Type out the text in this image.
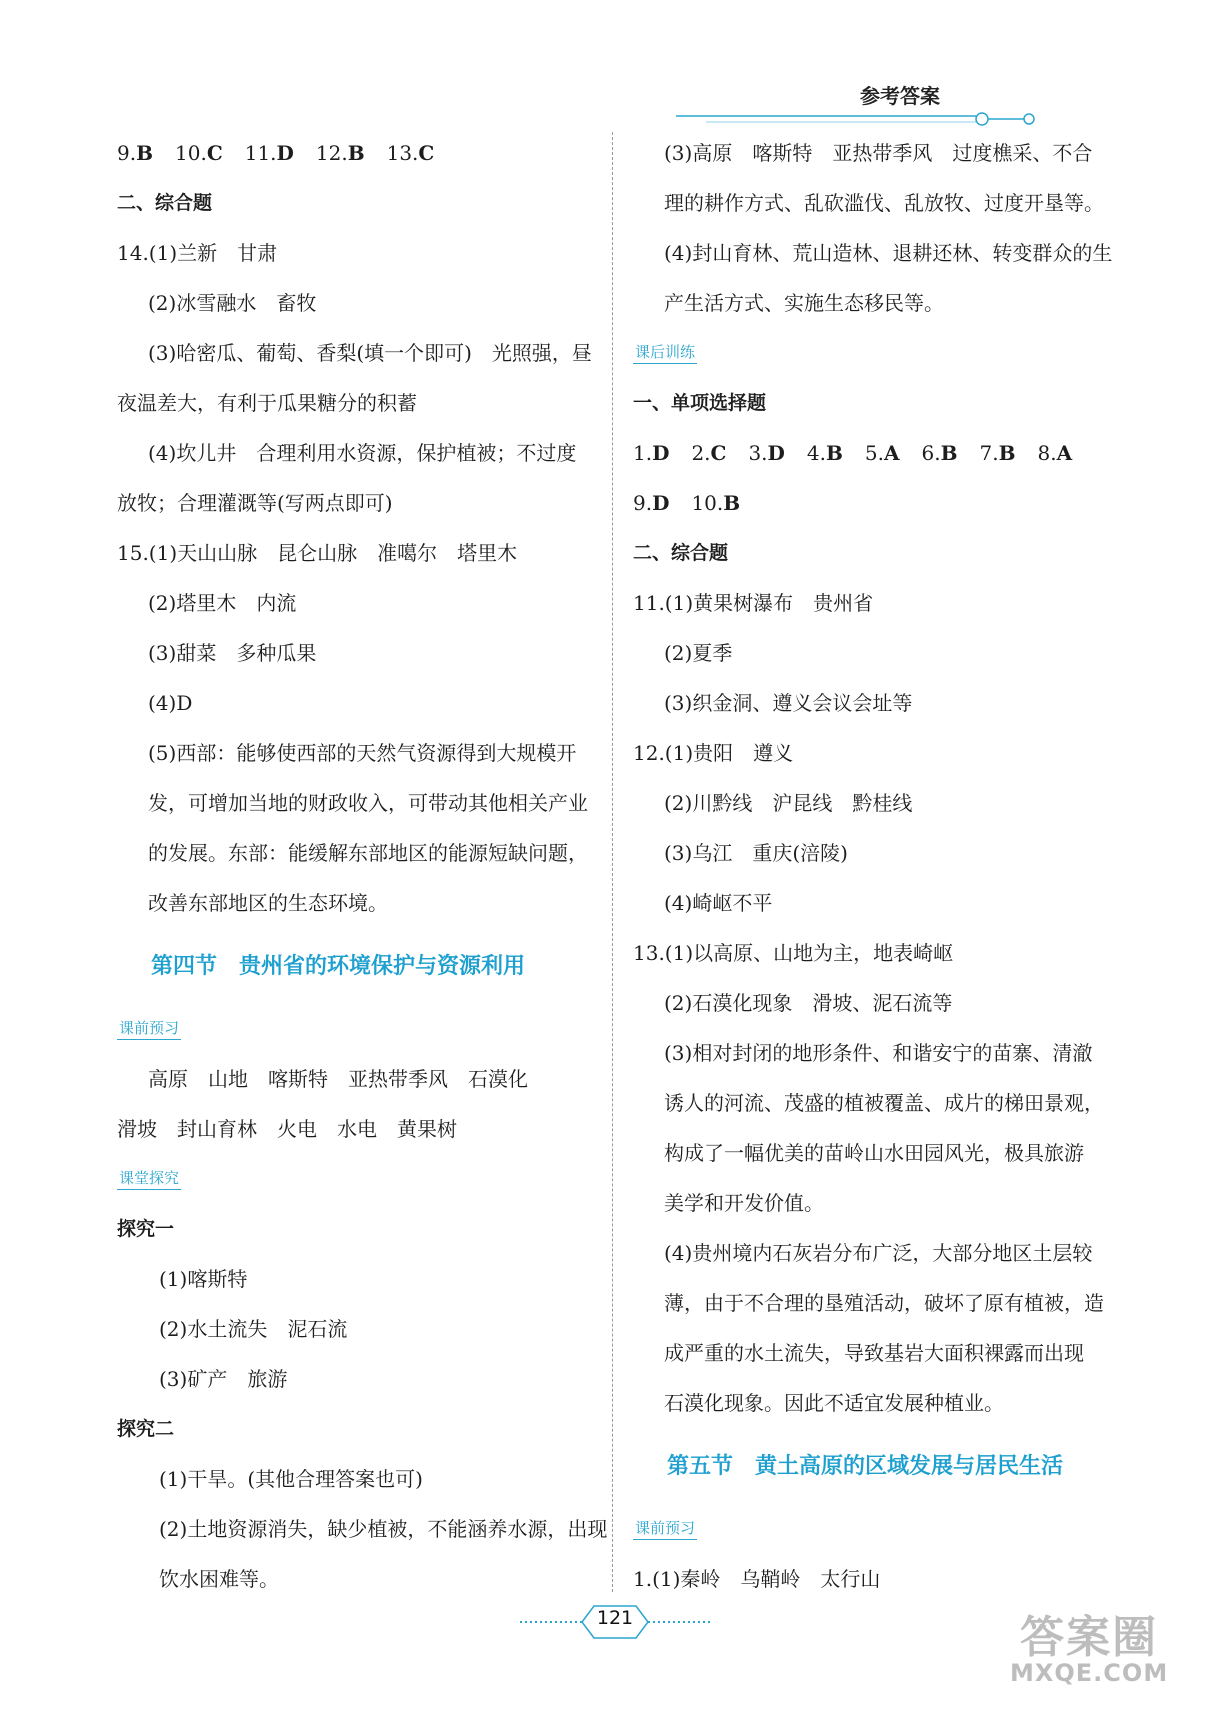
参考答案
9.B 10.C 11.D 12.B 13.C
二、综合题
14.(1)兰新　甘肃
(2)冰雪融水　畜牧
(3)哈密瓜、葡萄、香梨(填一个即可)　光照强，昼
夜温差大，有利于瓜果糖分的积蓄
(4)坎儿井　合理利用水资源，保护植被；不过度
放牧；合理灌溉等(写两点即可)
15.(1)天山山脉　昆仑山脉　准噶尔　塔里木
(2)塔里木　内流
(3)甜菜　多种瓜果
(4)D
(5)西部：能够使西部的天然气资源得到大规模开
发，可增加当地的财政收入，可带动其他相关产业
的发展。东部：能缓解东部地区的能源短缺问题，
改善东部地区的生态环境。
第四节　贵州省的环境保护与资源利用
课前预习
高原　山地　喀斯特　亚热带季风　石漠化
滑坡　封山育林　火电　水电　黄果树
课堂探究
探究一
(1)喀斯特
(2)水土流失　泥石流
(3)矿产　旅游
探究二
(1)干旱。(其他合理答案也可)
(2)土地资源消失，缺少植被，不能涵养水源，出现
饮水困难等。
(3)高原　喀斯特　亚热带季风　过度樵采、不合
理的耕作方式、乱砍滥伐、乱放牧、过度开垦等。
(4)封山育林、荒山造林、退耕还林、转变群众的生
产生活方式、实施生态移民等。
课后训练
一、单项选择题
1.D 2.C 3.D 4.B 5.A 6.B 7.B 8.A
9.D 10.B
二、综合题
11.(1)黄果树瀑布　贵州省
(2)夏季
(3)织金洞、遵义会议会址等
12.(1)贵阳　遵义
(2)川黔线　沪昆线　黔桂线
(3)乌江　重庆(涪陵)
(4)崎岖不平
13.(1)以高原、山地为主，地表崎岖
(2)石漠化现象　滑坡、泥石流等
(3)相对封闭的地形条件、和谐安宁的苗寨、清澈
诱人的河流、茂盛的植被覆盖、成片的梯田景观，
构成了一幅优美的苗岭山水田园风光，极具旅游
美学和开发价值。
(4)贵州境内石灰岩分布广泛，大部分地区土层较
薄，由于不合理的垦殖活动，破坏了原有植被，造
成严重的水土流失，导致基岩大面积裸露而出现
石漠化现象。因此不适宜发展种植业。
第五节　黄土高原的区域发展与居民生活
课前预习
1.(1)秦岭　乌鞘岭　太行山
121	答案圈
MXQE.COM
